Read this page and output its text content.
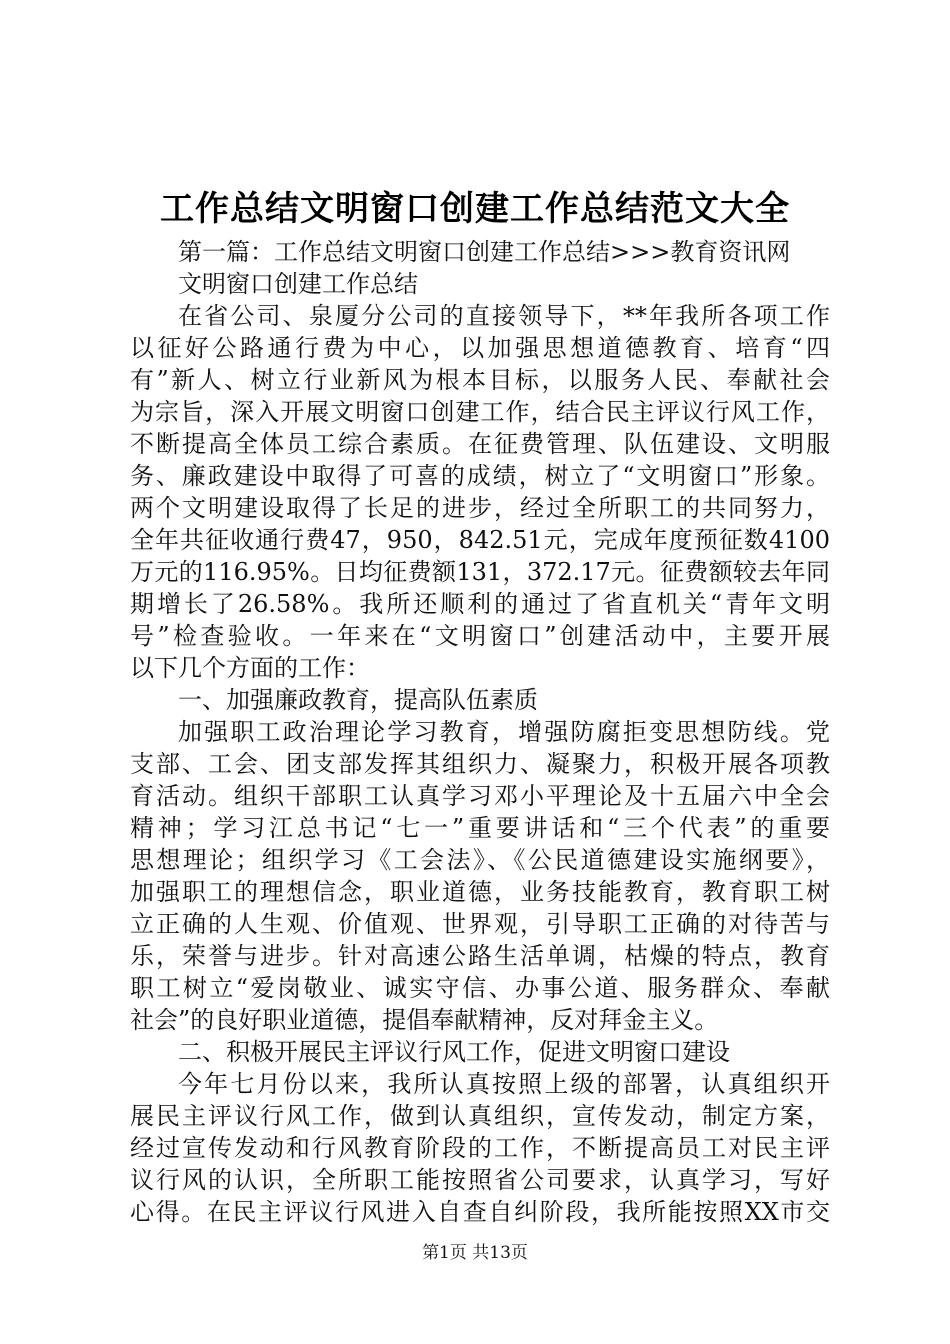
工作总结文明窗口创建工作总结范文大全
第一篇：工作总结文明窗口创建工作总结>>>教育资讯网
文明窗口创建工作总结
在省公司、泉厦分公司的直接领导下，**年我所各项工作
以征好公路通行费为中心，以加强思想道德教育、培育“四
有”新人、树立行业新风为根本目标，以服务人民、奉献社会
为宗旨，深入开展文明窗口创建工作，结合民主评议行风工作，
不断提高全体员工综合素质。在征费管理、队伍建设、文明服
务、廉政建设中取得了可喜的成绩，树立了“文明窗口”形象。
两个文明建设取得了长足的进步，经过全所职工的共同努力，
全年共征收通行费47，950，842.51元，完成年度预征数4100
万元的116.95%。日均征费额131，372.17元。征费额较去年同
期增长了26.58%。我所还顺利的通过了省直机关“青年文明
号”检查验收。一年来在“文明窗口”创建活动中，主要开展
以下几个方面的工作：
一、加强廉政教育，提高队伍素质
加强职工政治理论学习教育，增强防腐拒变思想防线。党
支部、工会、团支部发挥其组织力、凝聚力，积极开展各项教
育活动。组织干部职工认真学习邓小平理论及十五届六中全会
精神；学习江总书记“七一”重要讲话和“三个代表”的重要
思想理论；组织学习《工会法》、《公民道德建设实施纲要》，
加强职工的理想信念，职业道德，业务技能教育，教育职工树
立正确的人生观、价值观、世界观，引导职工正确的对待苦与
乐，荣誉与进步。针对高速公路生活单调，枯燥的特点，教育
职工树立“爱岗敬业、诚实守信、办事公道、服务群众、奉献
社会”的良好职业道德，提倡奉献精神，反对拜金主义。
二、积极开展民主评议行风工作，促进文明窗口建设
今年七月份以来，我所认真按照上级的部署，认真组织开
展民主评议行风工作，做到认真组织，宣传发动，制定方案，
经过宣传发动和行风教育阶段的工作，不断提高员工对民主评
议行风的认识，全所职工能按照省公司要求，认真学习，写好
心得。在民主评议行风进入自查自纠阶段，我所能按照XX市交
第1页 共13页
